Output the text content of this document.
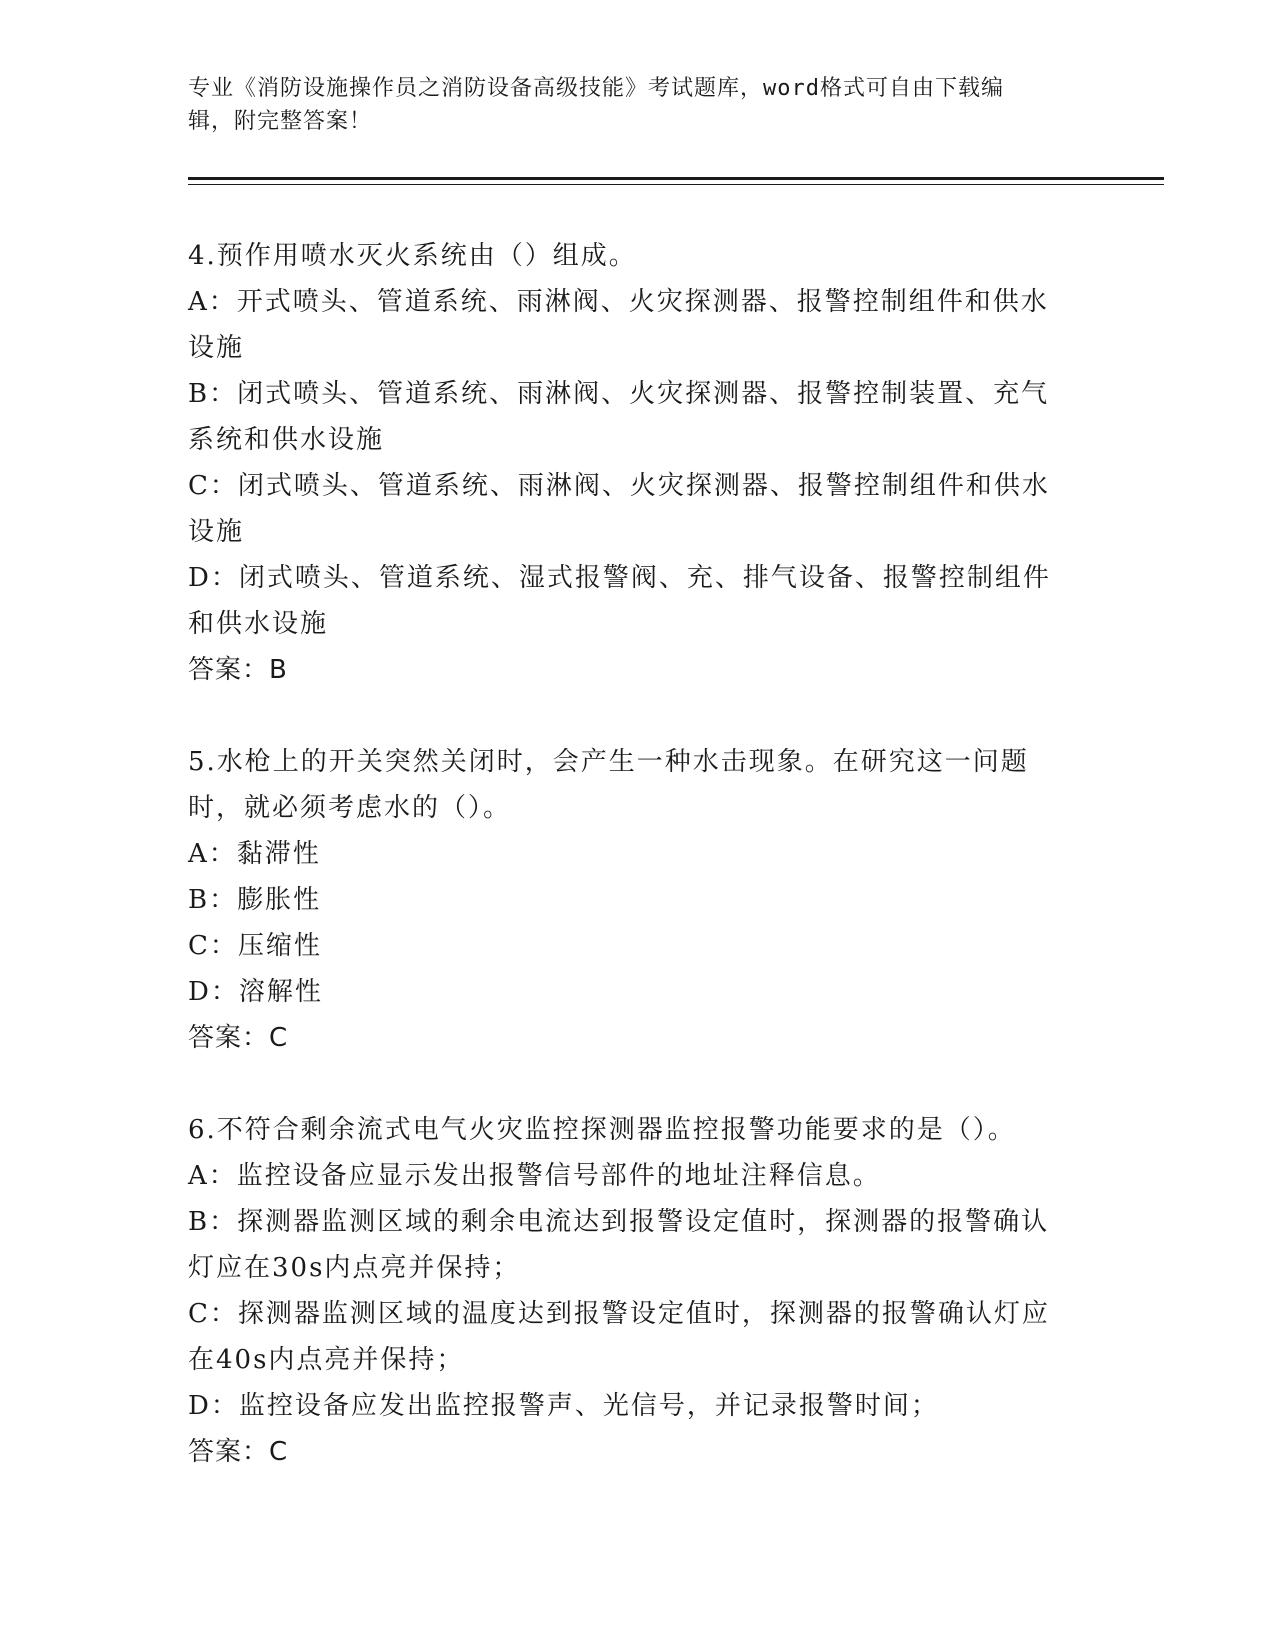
专业《消防设施操作员之消防设备高级技能》考试题库，word格式可自由下载编
辑，附完整答案！
4.预作用喷水灭火系统由（）组成。
A：开式喷头、管道系统、雨淋阀、火灾探测器、报警控制组件和供水
设施
B：闭式喷头、管道系统、雨淋阀、火灾探测器、报警控制装置、充气
系统和供水设施
C：闭式喷头、管道系统、雨淋阀、火灾探测器、报警控制组件和供水
设施
D：闭式喷头、管道系统、湿式报警阀、充、排气设备、报警控制组件
和供水设施
答案：B
5.水枪上的开关突然关闭时，会产生一种水击现象。在研究这一问题
时，就必须考虑水的（）。
A：黏滞性
B：膨胀性
C：压缩性
D：溶解性
答案：C
6.不符合剩余流式电气火灾监控探测器监控报警功能要求的是（）。
A：监控设备应显示发出报警信号部件的地址注释信息。
B：探测器监测区域的剩余电流达到报警设定值时，探测器的报警确认
灯应在30s内点亮并保持；
C：探测器监测区域的温度达到报警设定值时，探测器的报警确认灯应
在40s内点亮并保持；
D：监控设备应发出监控报警声、光信号，并记录报警时间；
答案：C
